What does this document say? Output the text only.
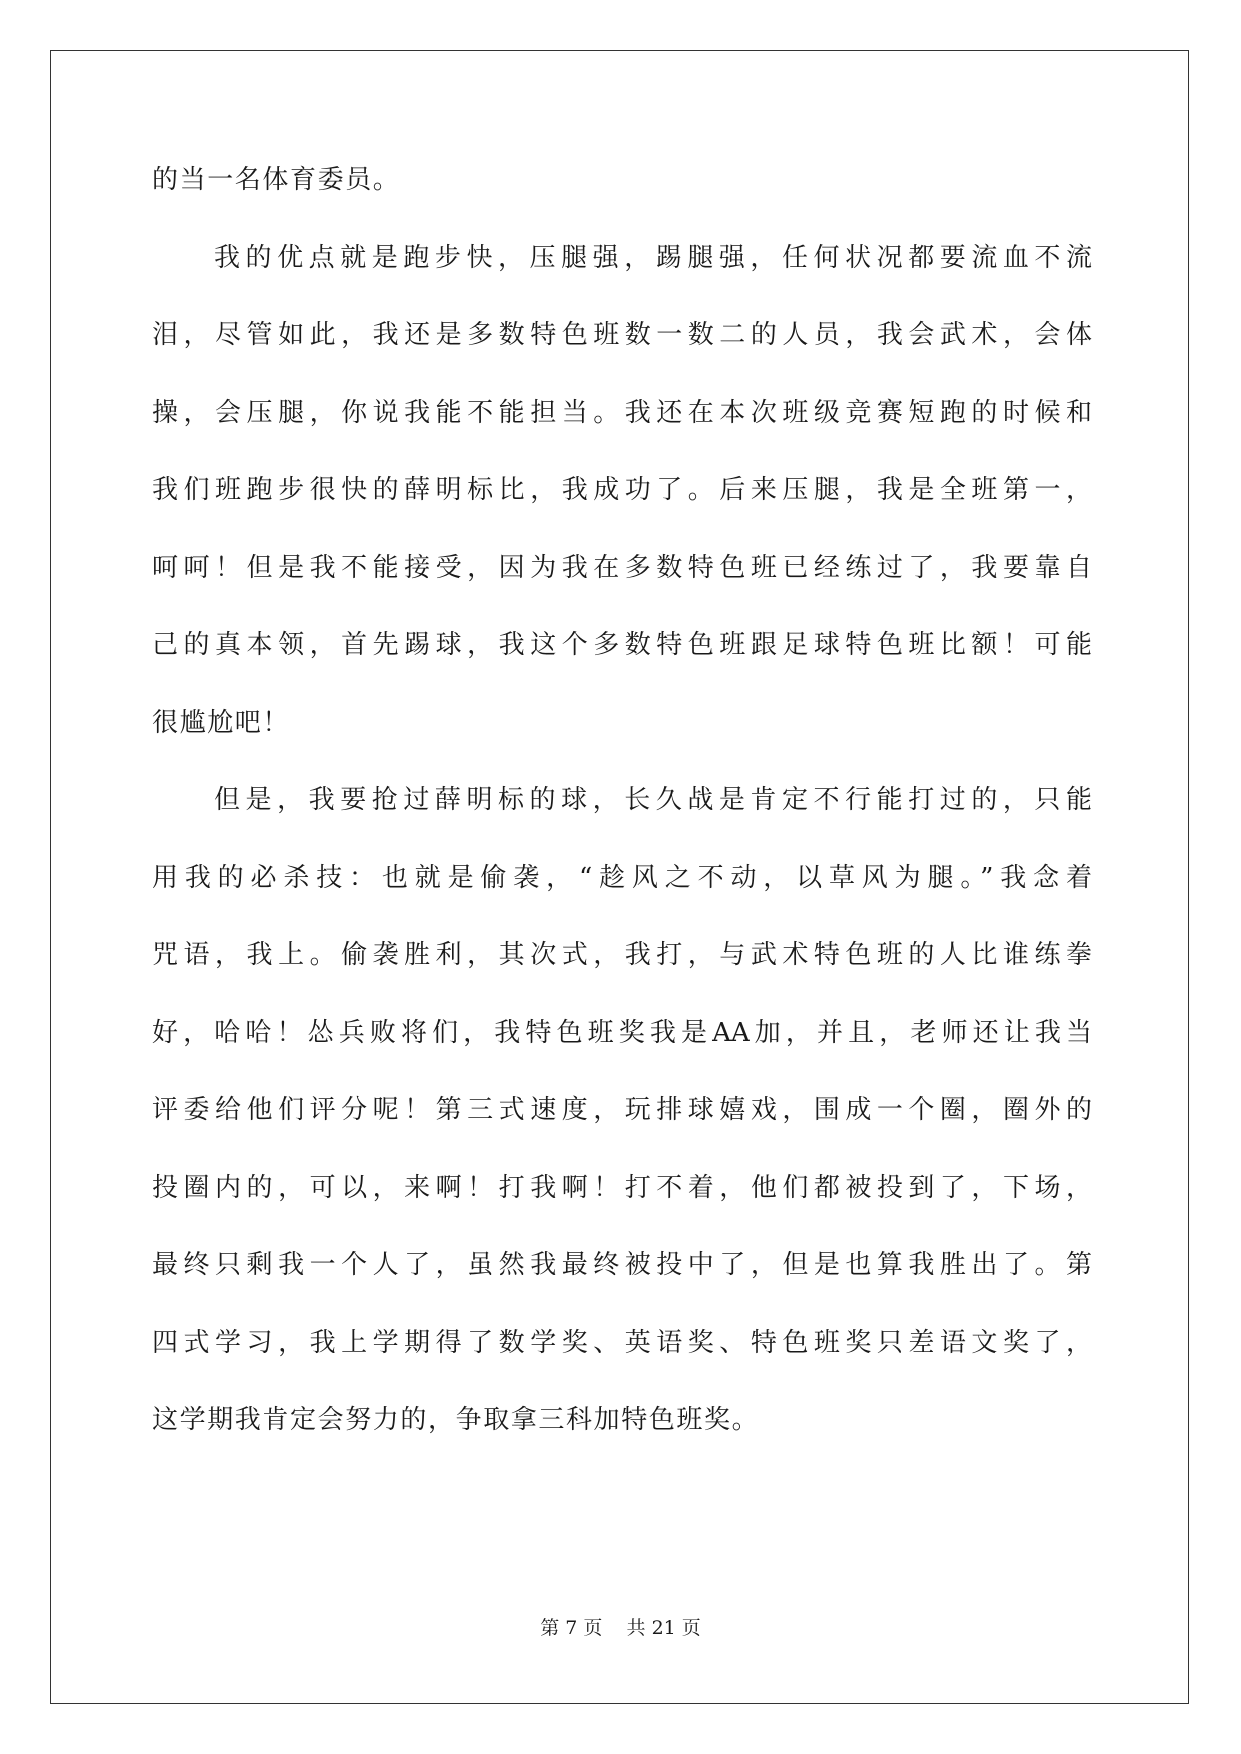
的当一名体育委员。
我的优点就是跑步快，压腿强，踢腿强，任何状况都要流血不流
泪，尽管如此，我还是多数特色班数一数二的人员，我会武术，会体
操，会压腿，你说我能不能担当。我还在本次班级竞赛短跑的时候和
我们班跑步很快的薛明标比，我成功了。后来压腿，我是全班第一，
呵呵！但是我不能接受，因为我在多数特色班已经练过了，我要靠自
己的真本领，首先踢球，我这个多数特色班跟足球特色班比额！可能
很尴尬吧！
但是，我要抢过薛明标的球，长久战是肯定不行能打过的，只能
用我的必杀技：也就是偷袭，“趁风之不动，以草风为腿。”我念着
咒语，我上。偷袭胜利，其次式，我打，与武术特色班的人比谁练拳
好，哈哈！怂兵败将们，我特色班奖我是AA加，并且，老师还让我当
评委给他们评分呢！第三式速度，玩排球嬉戏，围成一个圈，圈外的
投圈内的，可以，来啊！打我啊！打不着，他们都被投到了，下场，
最终只剩我一个人了，虽然我最终被投中了，但是也算我胜出了。第
四式学习，我上学期得了数学奖、英语奖、特色班奖只差语文奖了，
这学期我肯定会努力的，争取拿三科加特色班奖。
第 7 页    共 21 页
